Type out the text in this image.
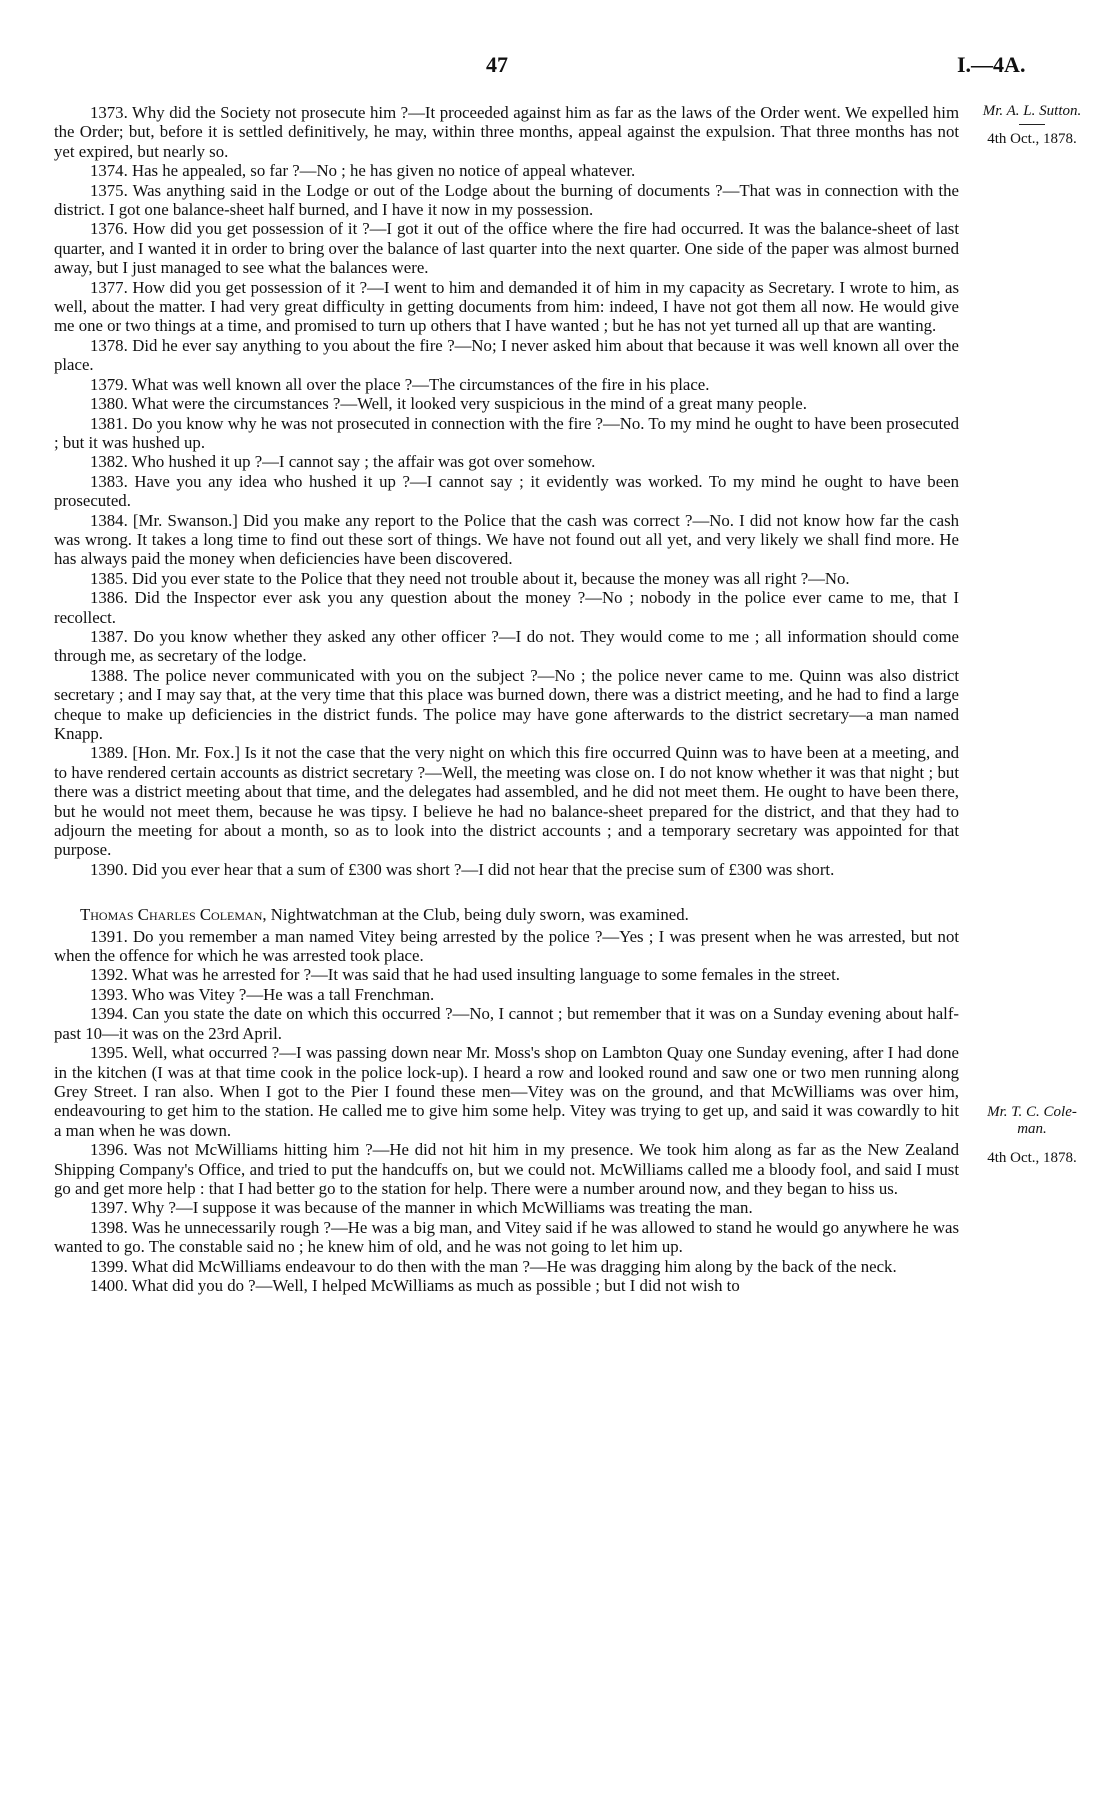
47	I.—4A.
Mr. A. L. Sutton.
4th Oct., 1878.
Mr. T. C. Cole-
man.
4th Oct., 1878.

1373. Why did the Society not prosecute him ?—It proceeded against him as far as the laws of the Order went. We expelled him the Order; but, before it is settled definitively, he may, within three months, appeal against the expulsion. That three months has not yet expired, but nearly so.

1374. Has he appealed, so far ?—No ; he has given no notice of appeal whatever.

1375. Was anything said in the Lodge or out of the Lodge about the burning of documents ?—That was in connection with the district. I got one balance-sheet half burned, and I have it now in my possession.

1376. How did you get possession of it ?—I got it out of the office where the fire had occurred. It was the balance-sheet of last quarter, and I wanted it in order to bring over the balance of last quarter into the next quarter. One side of the paper was almost burned away, but I just managed to see what the balances were.

1377. How did you get possession of it ?—I went to him and demanded it of him in my capacity as Secretary. I wrote to him, as well, about the matter. I had very great difficulty in getting documents from him: indeed, I have not got them all now. He would give me one or two things at a time, and promised to turn up others that I have wanted ; but he has not yet turned all up that are wanting.

1378. Did he ever say anything to you about the fire ?—No; I never asked him about that because it was well known all over the place.

1379. What was well known all over the place ?—The circumstances of the fire in his place.

1380. What were the circumstances ?—Well, it looked very suspicious in the mind of a great many people.

1381. Do you know why he was not prosecuted in connection with the fire ?—No. To my mind he ought to have been prosecuted ; but it was hushed up.

1382. Who hushed it up ?—I cannot say ; the affair was got over somehow.

1383. Have you any idea who hushed it up ?—I cannot say ; it evidently was worked. To my mind he ought to have been prosecuted.

1384. [Mr. Swanson.] Did you make any report to the Police that the cash was correct ?—No. I did not know how far the cash was wrong. It takes a long time to find out these sort of things. We have not found out all yet, and very likely we shall find more. He has always paid the money when deficiencies have been discovered.

1385. Did you ever state to the Police that they need not trouble about it, because the money was all right ?—No.

1386. Did the Inspector ever ask you any question about the money ?—No ; nobody in the police ever came to me, that I recollect.

1387. Do you know whether they asked any other officer ?—I do not. They would come to me ; all information should come through me, as secretary of the lodge.

1388. The police never communicated with you on the subject ?—No ; the police never came to me. Quinn was also district secretary ; and I may say that, at the very time that this place was burned down, there was a district meeting, and he had to find a large cheque to make up deficiencies in the district funds. The police may have gone afterwards to the district secretary—a man named Knapp.

1389. [Hon. Mr. Fox.] Is it not the case that the very night on which this fire occurred Quinn was to have been at a meeting, and to have rendered certain accounts as district secretary ?—Well, the meeting was close on. I do not know whether it was that night ; but there was a district meeting about that time, and the delegates had assembled, and he did not meet them. He ought to have been there, but he would not meet them, because he was tipsy. I believe he had no balance-sheet prepared for the district, and that they had to adjourn the meeting for about a month, so as to look into the district accounts ; and a temporary secretary was appointed for that purpose.

1390. Did you ever hear that a sum of £300 was short ?—I did not hear that the precise sum of £300 was short.

Thomas Charles Coleman, Nightwatchman at the Club, being duly sworn, was examined.

1391. Do you remember a man named Vitey being arrested by the police ?—Yes ; I was present when he was arrested, but not when the offence for which he was arrested took place.

1392. What was he arrested for ?—It was said that he had used insulting language to some females in the street.

1393. Who was Vitey ?—He was a tall Frenchman.

1394. Can you state the date on which this occurred ?—No, I cannot ; but remember that it was on a Sunday evening about half-past 10—it was on the 23rd April.

1395. Well, what occurred ?—I was passing down near Mr. Moss's shop on Lambton Quay one Sunday evening, after I had done in the kitchen (I was at that time cook in the police lock-up). I heard a row and looked round and saw one or two men running along Grey Street. I ran also. When I got to the Pier I found these men—Vitey was on the ground, and that McWilliams was over him, endeavouring to get him to the station. He called me to give him some help. Vitey was trying to get up, and said it was cowardly to hit a man when he was down.

1396. Was not McWilliams hitting him ?—He did not hit him in my presence. We took him along as far as the New Zealand Shipping Company's Office, and tried to put the handcuffs on, but we could not. McWilliams called me a bloody fool, and said I must go and get more help : that I had better go to the station for help. There were a number around now, and they began to hiss us.

1397. Why ?—I suppose it was because of the manner in which McWilliams was treating the man.

1398. Was he unnecessarily rough ?—He was a big man, and Vitey said if he was allowed to stand he would go anywhere he was wanted to go. The constable said no ; he knew him of old, and he was not going to let him up.

1399. What did McWilliams endeavour to do then with the man ?—He was dragging him along by the back of the neck.

1400. What did you do ?—Well, I helped McWilliams as much as possible ; but I did not wish to
